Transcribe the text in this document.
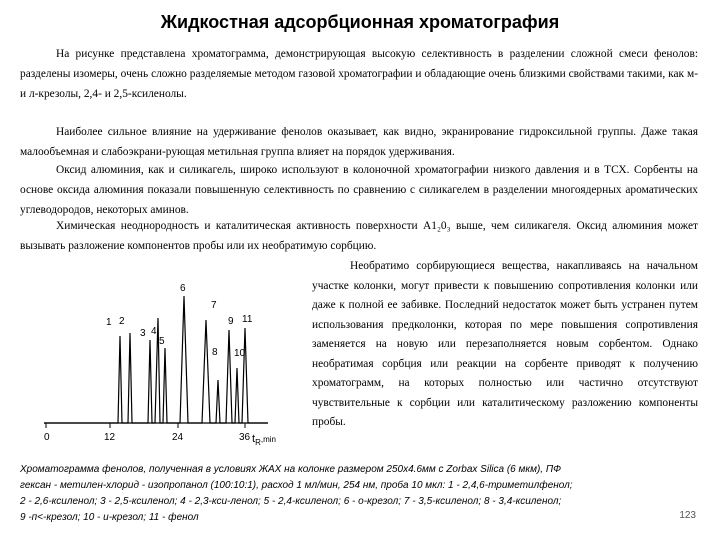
Жидкостная адсорбционная хроматография
На рисунке представлена хроматограмма, демонстрирующая высокую селективность в разделении сложной смеси фенолов: разделены изомеры, очень сложно разделяемые методом газовой хроматографии и обладающие очень близкими свойствами такими, как м- и л-крезолы, 2,4- и 2,5-ксиленолы.
Наиболее сильное влияние на удерживание фенолов оказывает, как видно, экранирование гидроксильной группы. Даже такая малообъемная и слабоэкрани-рующая метильная группа влияет на порядок удерживания.
Оксид алюминия, как и силикагель, широко используют в колоночной хроматографии низкого давления и в ТСХ. Сорбенты на основе оксида алюминия показали повышенную селективность по сравнению с силикагелем в разделении многоядерных ароматических углеводородов, некоторых аминов.
Химическая неоднородность и каталитическая активность поверхности А1₂0₃ выше, чем силикагеля. Оксид алюминия может вызывать разложение компонентов пробы или их необратимую сорбцию.
0	12	24	36 $t_R^{,min}$
1 2
3 4
5
6
7
8
9
10
11
Необратимо сорбирующиеся вещества, накапливаясь на начальном участке колонки, могут привести к повышению сопротивления колонки или даже к полной ее забивке. Последний недостаток может быть устранен путем использования предколонки, которая по мере повышения сопротивления заменяется на новую или перезаполняется новым сорбентом. Однако необратимая сорбция или реакции на сорбенте приводят к получению хроматограмм, на которых полностью или частично отсутствуют чувствительные к сорбции или каталитическому разложению компоненты пробы.
Хроматограмма фенолов, полученная в условиях ЖАХ на колонке размером 250x4.6мм с Zorbax Silica (6 мкм), ПФ
гексан - метилен-хлорид - изопропанол (100:10:1), расход 1 мл/мин, 254 нм, проба 10 мкл: 1 - 2,4,6-триметилфенол;
2 - 2,6-ксиленол; 3 - 2,5-ксиленол; 4 - 2,3-кси-ленол; 5 - 2,4-ксиленол; 6 - о-крезол; 7 - 3,5-ксиленол; 8 - 3,4-ксиленол;
9 -п<-крезол; 10 - и-крезол; 11 - фенол	123
